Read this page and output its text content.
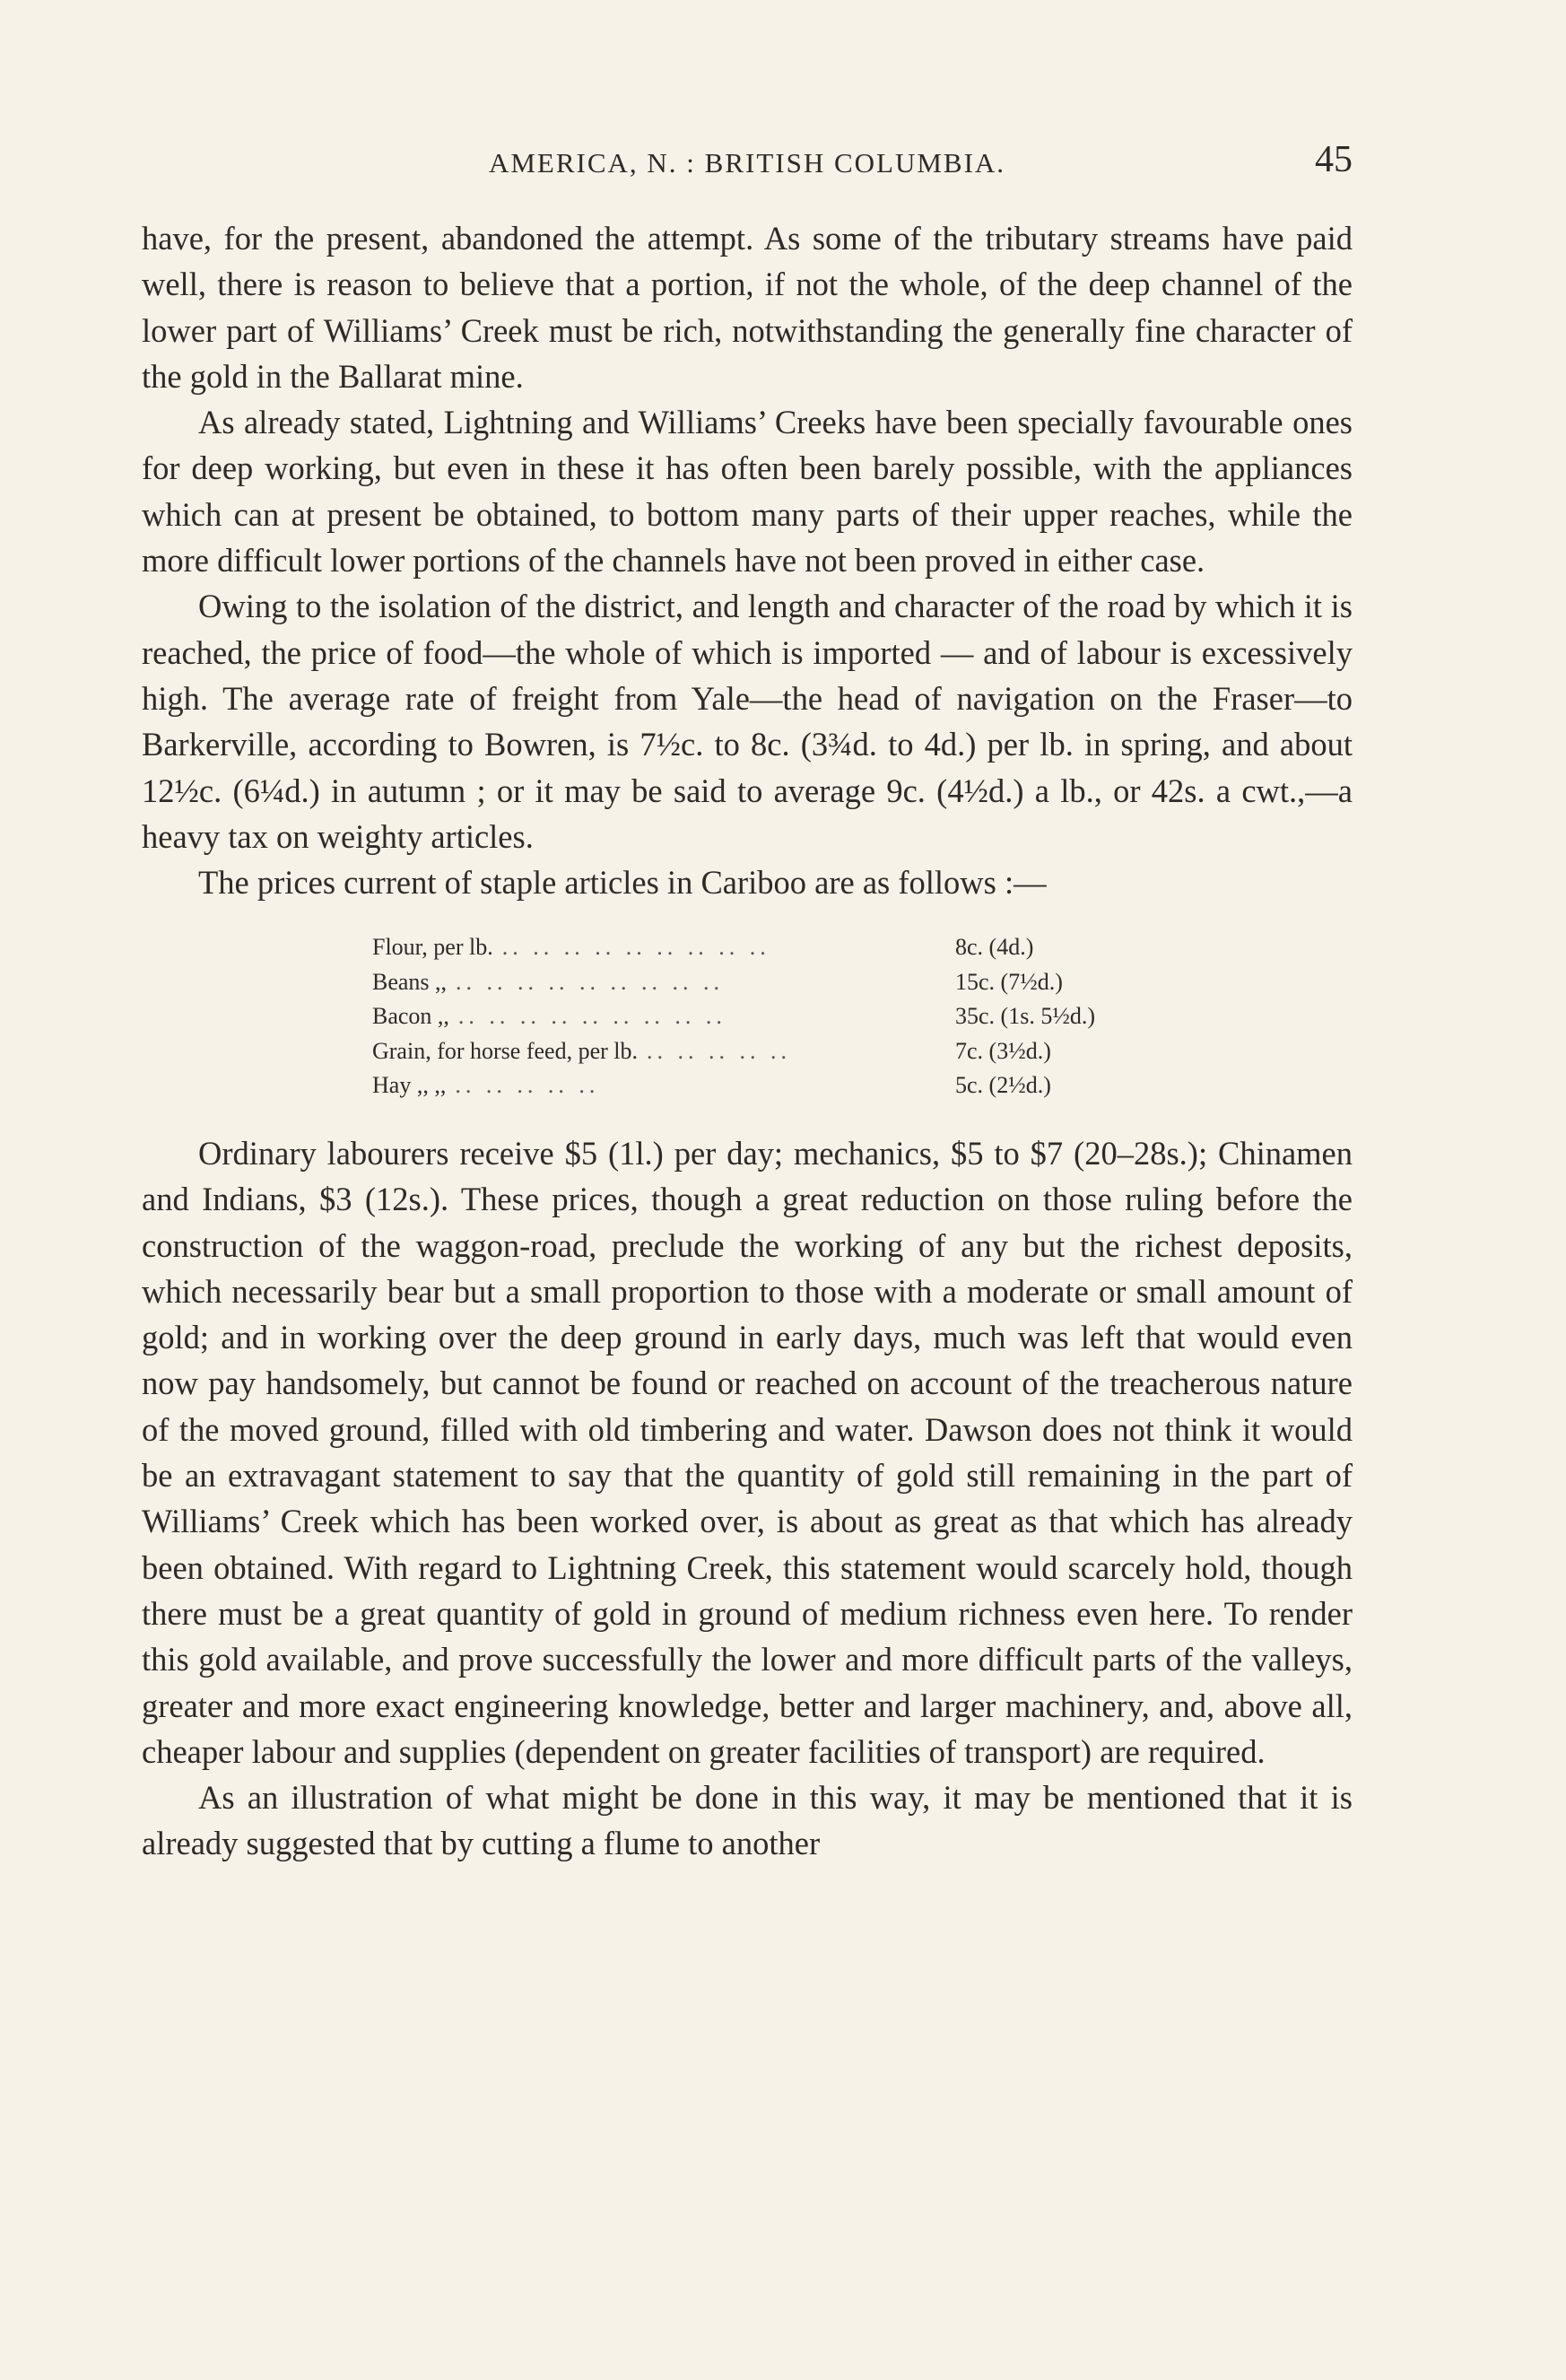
AMERICA, N. : BRITISH COLUMBIA.	45

have, for the present, abandoned the attempt. As some of the tributary streams have paid well, there is reason to believe that a portion, if not the whole, of the deep channel of the lower part of Williams’ Creek must be rich, notwithstanding the generally fine character of the gold in the Ballarat mine.

As already stated, Lightning and Williams’ Creeks have been specially favourable ones for deep working, but even in these it has often been barely possible, with the appliances which can at present be obtained, to bottom many parts of their upper reaches, while the more difficult lower portions of the channels have not been proved in either case.

Owing to the isolation of the district, and length and character of the road by which it is reached, the price of food—the whole of which is imported — and of labour is excessively high. The average rate of freight from Yale—the head of navigation on the Fraser—to Barkerville, according to Bowren, is 7½c. to 8c. (3¾d. to 4d.) per lb. in spring, and about 12½c. (6¼d.) in autumn ; or it may be said to average 9c. (4½d.) a lb., or 42s. a cwt.,—a heavy tax on weighty articles.

The prices current of staple articles in Cariboo are as follows :—

Flour, per lb. .. .. .. .. .. .. .. .. ..	8c. (4d.)
Beans ,, .. .. .. .. .. .. .. .. ..	15c. (7½d.)
Bacon ,, .. .. .. .. .. .. .. .. ..	35c. (1s. 5½d.)
Grain, for horse feed, per lb. .. .. .. .. ..	7c. (3½d.)
Hay ,, ,, .. .. .. .. ..	5c. (2½d.)

Ordinary labourers receive $5 (1l.) per day; mechanics, $5 to $7 (20–28s.); Chinamen and Indians, $3 (12s.). These prices, though a great reduction on those ruling before the construction of the waggon-road, preclude the working of any but the richest deposits, which necessarily bear but a small proportion to those with a moderate or small amount of gold; and in working over the deep ground in early days, much was left that would even now pay handsomely, but cannot be found or reached on account of the treacherous nature of the moved ground, filled with old timbering and water. Dawson does not think it would be an extravagant statement to say that the quantity of gold still remaining in the part of Williams’ Creek which has been worked over, is about as great as that which has already been obtained. With regard to Lightning Creek, this statement would scarcely hold, though there must be a great quantity of gold in ground of medium richness even here. To render this gold available, and prove successfully the lower and more difficult parts of the valleys, greater and more exact engineering knowledge, better and larger machinery, and, above all, cheaper labour and supplies (dependent on greater facilities of transport) are required.

As an illustration of what might be done in this way, it may be mentioned that it is already suggested that by cutting a flume to another
